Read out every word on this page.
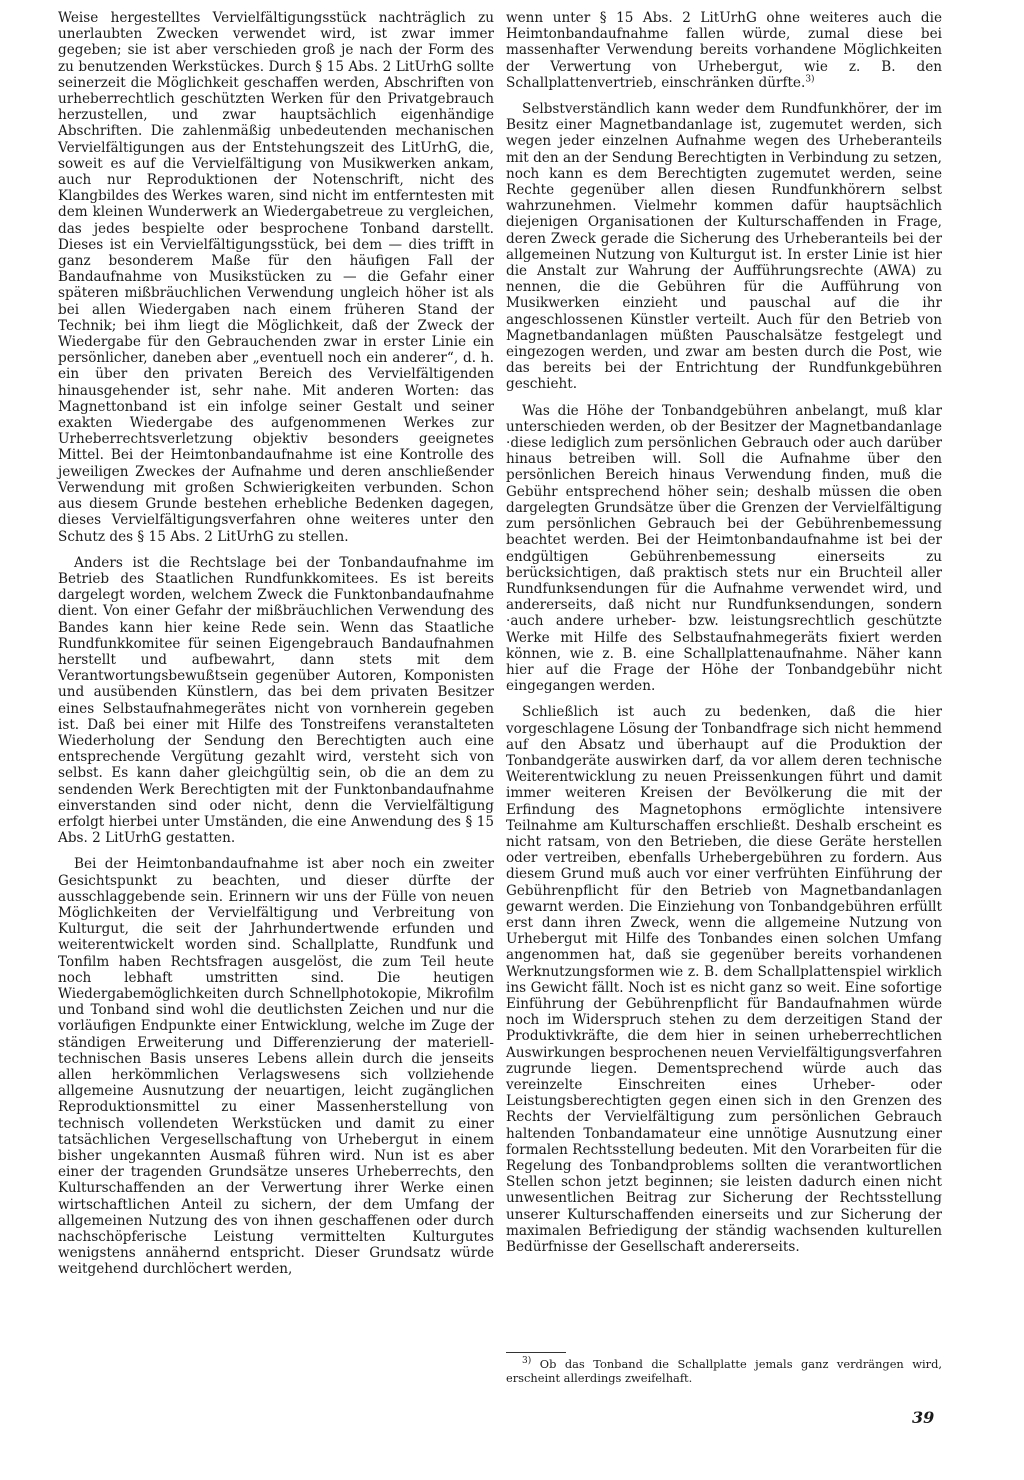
Weise hergestelltes Vervielfältigungsstück nachträglich zu unerlaubten Zwecken verwendet wird, ist zwar immer gegeben; sie ist aber verschieden groß je nach der Form des zu benutzenden Werkstückes. Durch § 15 Abs. 2 LitUrhG sollte seinerzeit die Möglichkeit geschaffen werden, Abschriften von urheberrechtlich geschützten Werken für den Privatgebrauch herzustellen, und zwar hauptsächlich eigenhändige Abschriften. Die zahlenmäßig unbedeutenden mechanischen Vervielfältigungen aus der Entstehungszeit des LitUrhG, die, soweit es auf die Vervielfältigung von Musikwerken ankam, auch nur Reproduktionen der Notenschrift, nicht des Klangbildes des Werkes waren, sind nicht im entferntesten mit dem kleinen Wunderwerk an Wiedergabetreue zu vergleichen, das jedes bespielte oder besprochene Tonband darstellt. Dieses ist ein Vervielfältigungsstück, bei dem — dies trifft in ganz besonderem Maße für den häufigen Fall der Bandaufnahme von Musikstücken zu — die Gefahr einer späteren mißbräuchlichen Verwendung ungleich höher ist als bei allen Wiedergaben nach einem früheren Stand der Technik; bei ihm liegt die Möglichkeit, daß der Zweck der Wiedergabe für den Gebrauchenden zwar in erster Linie ein persönlicher, daneben aber „eventuell noch ein anderer“, d. h. ein über den privaten Bereich des Vervielfältigenden hinausgehender ist, sehr nahe. Mit anderen Worten: das Magnettonband ist ein infolge seiner Gestalt und seiner exakten Wiedergabe des aufgenommenen Werkes zur Urheberrechtsverletzung objektiv besonders geeignetes Mittel. Bei der Heimtonbandaufnahme ist eine Kontrolle des jeweiligen Zweckes der Aufnahme und deren anschließender Verwendung mit großen Schwierigkeiten verbunden. Schon aus diesem Grunde bestehen erhebliche Bedenken dagegen, dieses Vervielfältigungsverfahren ohne weiteres unter den Schutz des § 15 Abs. 2 LitUrhG zu stellen.

Anders ist die Rechtslage bei der Tonbandaufnahme im Betrieb des Staatlichen Rundfunkkomitees. Es ist bereits dargelegt worden, welchem Zweck die Funktonbandaufnahme dient. Von einer Gefahr der mißbräuchlichen Verwendung des Bandes kann hier keine Rede sein. Wenn das Staatliche Rundfunkkomitee für seinen Eigengebrauch Bandaufnahmen herstellt und aufbewahrt, dann stets mit dem Verantwortungsbewußtsein gegenüber Autoren, Komponisten und ausübenden Künstlern, das bei dem privaten Besitzer eines Selbstaufnahmegerätes nicht von vornherein gegeben ist. Daß bei einer mit Hilfe des Tonstreifens veranstalteten Wiederholung der Sendung den Berechtigten auch eine entsprechende Vergütung gezahlt wird, versteht sich von selbst. Es kann daher gleichgültig sein, ob die an dem zu sendenden Werk Berechtigten mit der Funktonbandaufnahme einverstanden sind oder nicht, denn die Vervielfältigung erfolgt hierbei unter Umständen, die eine Anwendung des § 15 Abs. 2 LitUrhG gestatten.

Bei der Heimtonbandaufnahme ist aber noch ein zweiter Gesichtspunkt zu beachten, und dieser dürfte der ausschlaggebende sein. Erinnern wir uns der Fülle von neuen Möglichkeiten der Vervielfältigung und Verbreitung von Kulturgut, die seit der Jahrhundertwende erfunden und weiterentwickelt worden sind. Schallplatte, Rundfunk und Tonfilm haben Rechtsfragen ausgelöst, die zum Teil heute noch lebhaft umstritten sind. Die heutigen Wiedergabemöglichkeiten durch Schnellphotokopie, Mikrofilm und Tonband sind wohl die deutlichsten Zeichen und nur die vorläufigen Endpunkte einer Entwicklung, welche im Zuge der ständigen Erweiterung und Differenzierung der materiell-technischen Basis unseres Lebens allein durch die jenseits allen herkömmlichen Verlagswesens sich vollziehende allgemeine Ausnutzung der neuartigen, leicht zugänglichen Reproduktionsmittel zu einer Massenherstellung von technisch vollendeten Werkstücken und damit zu einer tatsächlichen Vergesellschaftung von Urhebergut in einem bisher ungekannten Ausmaß führen wird. Nun ist es aber einer der tragenden Grundsätze unseres Urheberrechts, den Kulturschaffenden an der Verwertung ihrer Werke einen wirtschaftlichen Anteil zu sichern, der dem Umfang der allgemeinen Nutzung des von ihnen geschaffenen oder durch nachschöpferische Leistung vermittelten Kulturgutes wenigstens annähernd entspricht. Dieser Grundsatz würde weitgehend durchlöchert werden,

wenn unter § 15 Abs. 2 LitUrhG ohne weiteres auch die Heimtonbandaufnahme fallen würde, zumal diese bei massenhafter Verwendung bereits vorhandene Möglichkeiten der Verwertung von Urhebergut, wie z. B. den Schallplattenvertrieb, einschränken dürfte.$^{3)}$

Selbstverständlich kann weder dem Rundfunkhörer, der im Besitz einer Magnetbandanlage ist, zugemutet werden, sich wegen jeder einzelnen Aufnahme wegen des Urheberanteils mit den an der Sendung Berechtigten in Verbindung zu setzen, noch kann es dem Berechtigten zugemutet werden, seine Rechte gegenüber allen diesen Rundfunkhörern selbst wahrzunehmen. Vielmehr kommen dafür hauptsächlich diejenigen Organisationen der Kulturschaffenden in Frage, deren Zweck gerade die Sicherung des Urheberanteils bei der allgemeinen Nutzung von Kulturgut ist. In erster Linie ist hier die Anstalt zur Wahrung der Aufführungsrechte (AWA) zu nennen, die die Gebühren für die Aufführung von Musikwerken einzieht und pauschal auf die ihr angeschlossenen Künstler verteilt. Auch für den Betrieb von Magnetbandanlagen müßten Pauschalsätze festgelegt und eingezogen werden, und zwar am besten durch die Post, wie das bereits bei der Entrichtung der Rundfunkgebühren geschieht.

Was die Höhe der Tonbandgebühren anbelangt, muß klar unterschieden werden, ob der Besitzer der Magnetbandanlage ·diese lediglich zum persönlichen Gebrauch oder auch darüber hinaus betreiben will. Soll die Aufnahme über den persönlichen Bereich hinaus Verwendung finden, muß die Gebühr entsprechend höher sein; deshalb müssen die oben dargelegten Grundsätze über die Grenzen der Vervielfältigung zum persönlichen Gebrauch bei der Gebührenbemessung beachtet werden. Bei der Heimtonbandaufnahme ist bei der endgültigen Gebührenbemessung einerseits zu berücksichtigen, daß praktisch stets nur ein Bruchteil aller Rundfunksendungen für die Aufnahme verwendet wird, und andererseits, daß nicht nur Rundfunksendungen, sondern ·auch andere urheber- bzw. leistungsrechtlich geschützte Werke mit Hilfe des Selbstaufnahmegeräts fixiert werden können, wie z. B. eine Schallplattenaufnahme. Näher kann hier auf die Frage der Höhe der Tonbandgebühr nicht eingegangen werden.

Schließlich ist auch zu bedenken, daß die hier vorgeschlagene Lösung der Tonbandfrage sich nicht hemmend auf den Absatz und überhaupt auf die Produktion der Tonbandgeräte auswirken darf, da vor allem deren technische Weiterentwicklung zu neuen Preissenkungen führt und damit immer weiteren Kreisen der Bevölkerung die mit der Erfindung des Magnetophons ermöglichte intensivere Teilnahme am Kulturschaffen erschließt. Deshalb erscheint es nicht ratsam, von den Betrieben, die diese Geräte herstellen oder vertreiben, ebenfalls Urhebergebühren zu fordern. Aus diesem Grund muß auch vor einer verfrühten Einführung der Gebührenpflicht für den Betrieb von Magnetbandanlagen gewarnt werden. Die Einziehung von Tonbandgebühren erfüllt erst dann ihren Zweck, wenn die allgemeine Nutzung von Urhebergut mit Hilfe des Tonbandes einen solchen Umfang angenommen hat, daß sie gegenüber bereits vorhandenen Werknutzungsformen wie z. B. dem Schallplattenspiel wirklich ins Gewicht fällt. Noch ist es nicht ganz so weit. Eine sofortige Einführung der Gebührenpflicht für Bandaufnahmen würde noch im Widerspruch stehen zu dem derzeitigen Stand der Produktivkräfte, die dem hier in seinen urheberrechtlichen Auswirkungen besprochenen neuen Vervielfältigungsverfahren zugrunde liegen. Dementsprechend würde auch das vereinzelte Einschreiten eines Urheber- oder Leistungsberechtigten gegen einen sich in den Grenzen des Rechts der Vervielfältigung zum persönlichen Gebrauch haltenden Tonbandamateur eine unnötige Ausnutzung einer formalen Rechtsstellung bedeuten. Mit den Vorarbeiten für die Regelung des Tonbandproblems sollten die verantwortlichen Stellen schon jetzt beginnen; sie leisten dadurch einen nicht unwesentlichen Beitrag zur Sicherung der Rechtsstellung unserer Kulturschaffenden einerseits und zur Sicherung der maximalen Befriedigung der ständig wachsenden kulturellen Bedürfnisse der Gesellschaft andererseits.

$^{3)}$ Ob das Tonband die Schallplatte jemals ganz verdrängen wird, erscheint allerdings zweifelhaft.
39
